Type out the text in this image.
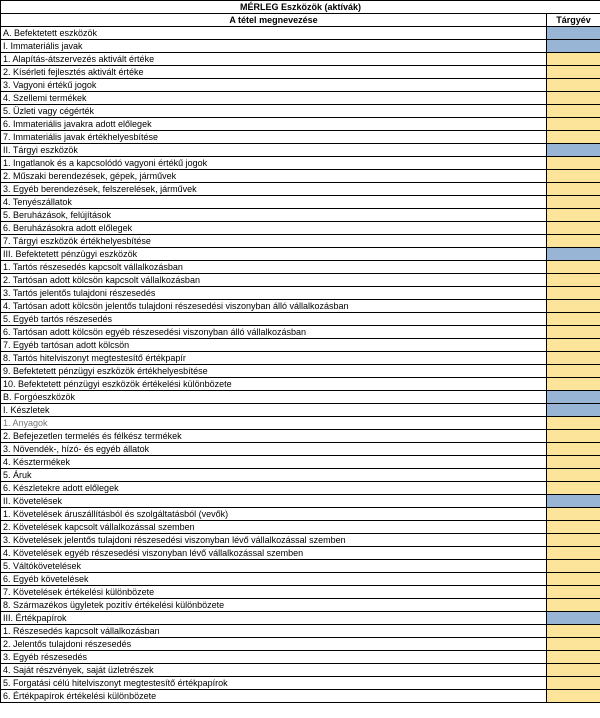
MÉRLEG Eszközök (aktívák)	
A tétel megnevezése	Tárgyév
A. Befektetett eszközök	
I. Immateriális javak	
1. Alapítás-átszervezés aktivált értéke	
2. Kísérleti fejlesztés aktivált értéke	
3. Vagyoni értékű jogok	
4. Szellemi termékek	
5. Üzleti vagy cégérték	
6. Immateriális javakra adott előlegek	
7. Immateriális javak értékhelyesbítése	
II. Tárgyi eszközök	
1. Ingatlanok és a kapcsolódó vagyoni értékű jogok	
2. Műszaki berendezések, gépek, járművek	
3. Egyéb berendezések, felszerelések, járművek	
4. Tenyészállatok	
5. Beruházások, felújítások	
6. Beruházásokra adott előlegek	
7. Tárgyi eszközök értékhelyesbítése	
III. Befektetett pénzügyi eszközök	
1. Tartós részesedés kapcsolt vállalkozásban	
2. Tartósan adott kölcsön kapcsolt vállalkozásban	
3. Tartós jelentős tulajdoni részesedés	
4. Tartósan adott kölcsön jelentős tulajdoni részesedési viszonyban álló vállalkozásban	
5. Egyéb tartós részesedés	
6. Tartósan adott kölcsön egyéb részesedési viszonyban álló vállalkozásban	
7. Egyéb tartósan adott kölcsön	
8. Tartós hitelviszonyt megtestesítő értékpapír	
9. Befektetett pénzügyi eszközök értékhelyesbítése	
10. Befektetett pénzügyi eszközök értékelési különbözete	
B. Forgóeszközök	
I. Készletek	
1. Anyagok	
2. Befejezetlen termelés és félkész termékek	
3. Növendék-, hízó- és egyéb állatok	
4. Késztermékek	
5. Áruk	
6. Készletekre adott előlegek	
II. Követelések	
1. Követelések áruszállításból és szolgáltatásból (vevők)	
2. Követelések kapcsolt vállalkozással szemben	
3. Követelések jelentős tulajdoni részesedési viszonyban lévő vállalkozással szemben	
4. Követelések egyéb részesedési viszonyban lévő vállalkozással szemben	
5. Váltókövetelések	
6. Egyéb követelések	
7. Követelések értékelési különbözete	
8. Származékos ügyletek pozitív értékelési különbözete	
III. Értékpapírok	
1. Részesedés kapcsolt vállalkozásban	
2. Jelentős tulajdoni részesedés	
3. Egyéb részesedés	
4. Saját részvények, saját üzletrészek	
5. Forgatási célú hitelviszonyt megtestesítő értékpapírok	
6. Értékpapírok értékelési különbözete	
